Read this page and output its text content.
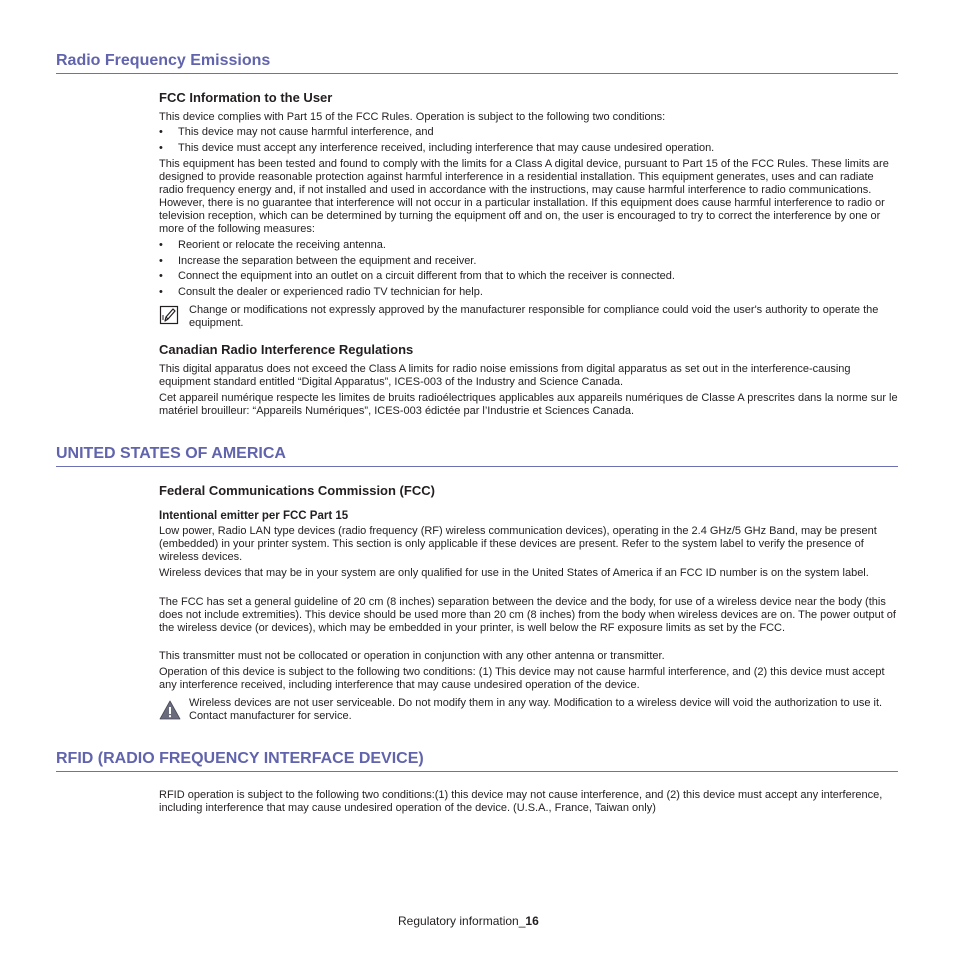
Radio Frequency Emissions
FCC Information to the User

This device complies with Part 15 of the FCC Rules. Operation is subject to the following two conditions:

• This device may not cause harmful interference, and
• This device must accept any interference received, including interference that may cause undesired operation.

This equipment has been tested and found to comply with the limits for a Class A digital device, pursuant to Part 15 of the FCC Rules. These limits are designed to provide reasonable protection against harmful interference in a residential installation. This equipment generates, uses and can radiate radio frequency energy and, if not installed and used in accordance with the instructions, may cause harmful interference to radio communications. However, there is no guarantee that interference will not occur in a particular installation. If this equipment does cause harmful interference to radio or television reception, which can be determined by turning the equipment off and on, the user is encouraged to try to correct the interference by one or more of the following measures:

• Reorient or relocate the receiving antenna.
• Increase the separation between the equipment and receiver.
• Connect the equipment into an outlet on a circuit different from that to which the receiver is connected.
• Consult the dealer or experienced radio TV technician for help.

Change or modifications not expressly approved by the manufacturer responsible for compliance could void the user's authority to operate the equipment.

Canadian Radio Interference Regulations

This digital apparatus does not exceed the Class A limits for radio noise emissions from digital apparatus as set out in the interference-causing equipment standard entitled “Digital Apparatus”, ICES-003 of the Industry and Science Canada.

Cet appareil numérique respecte les limites de bruits radioélectriques applicables aux appareils numériques de Classe A prescrites dans la norme sur le matériel brouilleur: “Appareils Numériques”, ICES-003 édictée par l’Industrie et Sciences Canada.

UNITED STATES OF AMERICA
Federal Communications Commission (FCC)
Intentional emitter per FCC Part 15

Low power, Radio LAN type devices (radio frequency (RF) wireless communication devices), operating in the 2.4 GHz/5 GHz Band, may be present (embedded) in your printer system. This section is only applicable if these devices are present. Refer to the system label to verify the presence of wireless devices.

Wireless devices that may be in your system are only qualified for use in the United States of America if an FCC ID number is on the system label.

The FCC has set a general guideline of 20 cm (8 inches) separation between the device and the body, for use of a wireless device near the body (this does not include extremities). This device should be used more than 20 cm (8 inches) from the body when wireless devices are on. The power output of the wireless device (or devices), which may be embedded in your printer, is well below the RF exposure limits as set by the FCC.

This transmitter must not be collocated or operation in conjunction with any other antenna or transmitter.

Operation of this device is subject to the following two conditions: (1) This device may not cause harmful interference, and (2) this device must accept any interference received, including interference that may cause undesired operation of the device.

Wireless devices are not user serviceable. Do not modify them in any way. Modification to a wireless device will void the authorization to use it. Contact manufacturer for service.

RFID (RADIO FREQUENCY INTERFACE DEVICE)

RFID operation is subject to the following two conditions:(1) this device may not cause interference, and (2) this device must accept any interference, including interference that may cause undesired operation of the device. (U.S.A., France, Taiwan only)

Regulatory information_16
